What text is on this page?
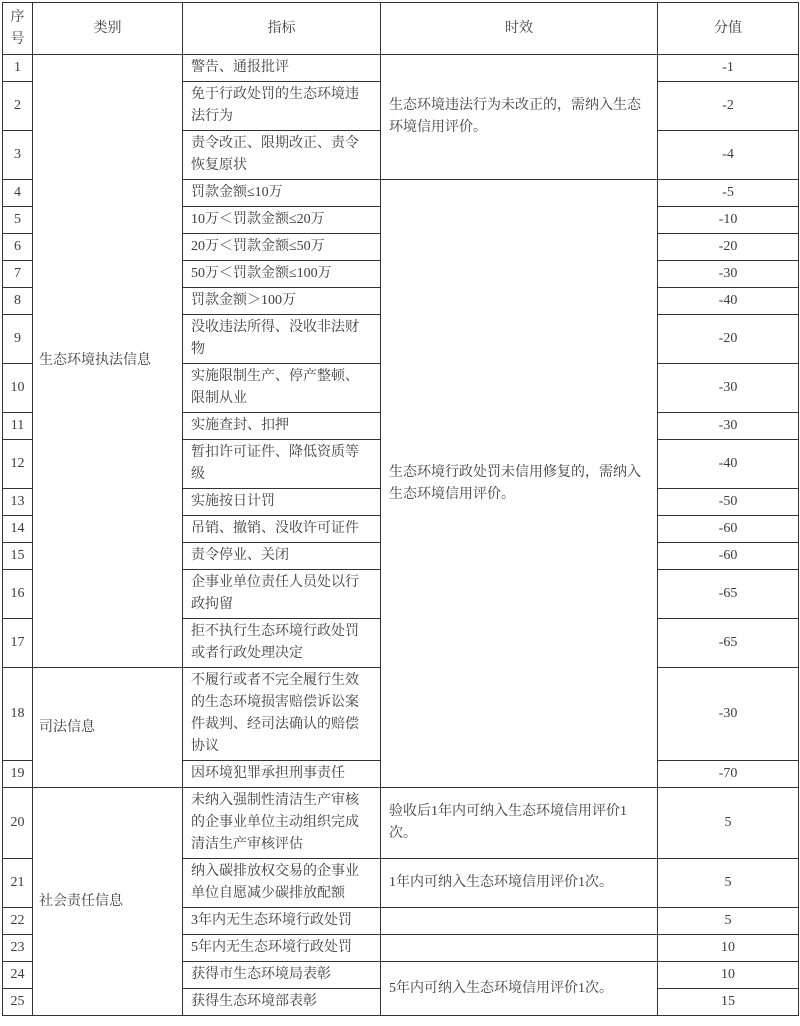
序号	类别	指标	时效	分值
1	生态环境执法信息	警告、通报批评	生态环境违法行为未改正的，需纳入生态环境信用评价。	-1
2		免于行政处罚的生态环境违法行为		-2
3		责令改正、限期改正、责令恢复原状		-4
4		罚款金额≤10万	生态环境行政处罚未信用修复的，需纳入生态环境信用评价。	-5
5		10万＜罚款金额≤20万		-10
6		20万＜罚款金额≤50万		-20
7		50万＜罚款金额≤100万		-30
8		罚款金额＞100万		-40
9		没收违法所得、没收非法财物		-20
10		实施限制生产、停产整顿、限制从业		-30
11		实施查封、扣押		-30
12		暂扣许可证件、降低资质等级		-40
13		实施按日计罚		-50
14		吊销、撤销、没收许可证件		-60
15		责令停业、关闭		-60
16		企事业单位责任人员处以行政拘留		-65
17		拒不执行生态环境行政处罚或者行政处理决定		-65
18	司法信息	不履行或者不完全履行生效的生态环境损害赔偿诉讼案件裁判、经司法确认的赔偿协议		-30
19		因环境犯罪承担刑事责任		-70
20	社会责任信息	未纳入强制性清洁生产审核的企事业单位主动组织完成清洁生产审核评估	验收后1年内可纳入生态环境信用评价1次。	5
21		纳入碳排放权交易的企事业单位自愿减少碳排放配额	1年内可纳入生态环境信用评价1次。	5
22		3年内无生态环境行政处罚		5
23		5年内无生态环境行政处罚		10
24		获得市生态环境局表彰	5年内可纳入生态环境信用评价1次。	10
25		获得生态环境部表彰		15
